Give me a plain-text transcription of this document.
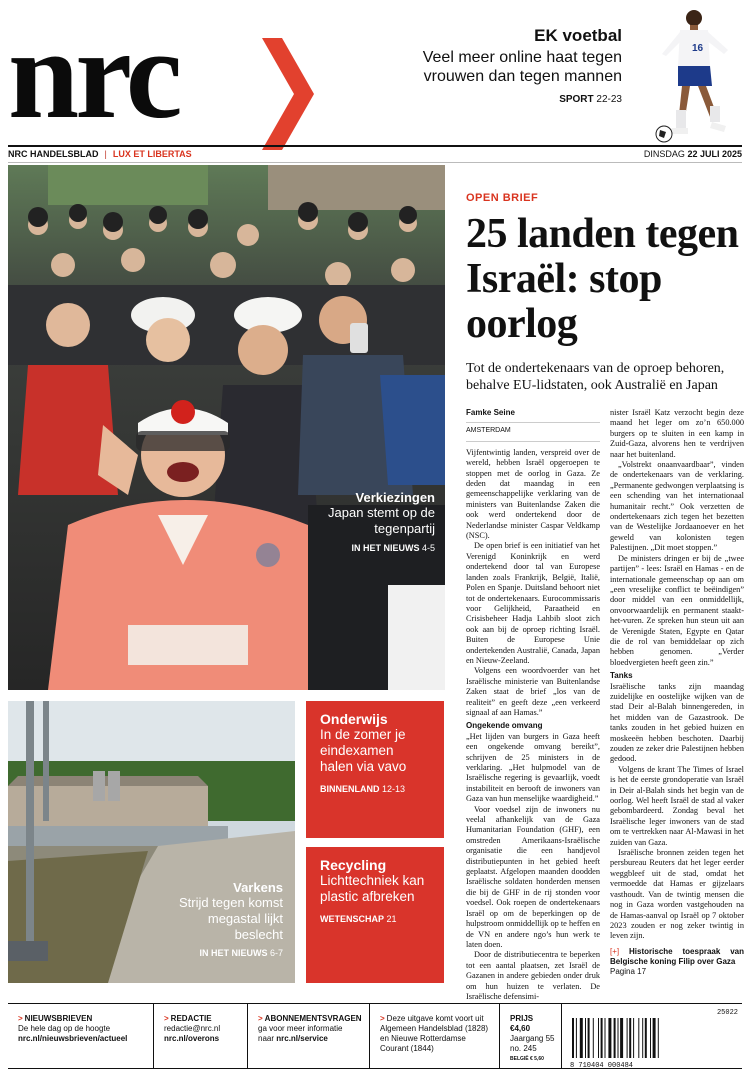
nrc	EK voetbal
Veel meer online haat tegen vrouwen dan tegen mannen
SPORT 22-23
16
NRC HANDELSBLAD | LUX ET LIBERTAS	DINSDAG 22 JULI 2025
Verkiezingen
Japan stemt op de tegenpartij
IN HET NIEUWS 4-5
OPEN BRIEF
25 landen tegen Israël: stop oorlog
Tot de ondertekenaars van de oproep behoren, behalve EU-lidstaten, ook Australië en Japan
Famke Seine
AMSTERDAM

Vijfentwintig landen, verspreid over de wereld, hebben Israël opgeroepen te stoppen met de oorlog in Gaza. Ze deden dat maandag in een gemeenschappelijke verklaring van de ministers van Buitenlandse Zaken die ook werd ondertekend door de Nederlandse minister Caspar Veldkamp (NSC).

De open brief is een initiatief van het Verenigd Koninkrijk en werd ondertekend door tal van Europese landen zoals Frankrijk, België, Italië, Polen en Spanje. Duitsland behoort niet tot de ondertekenaars. Eurocommissaris voor Gelijkheid, Paraatheid en Crisisbeheer Hadja Lahbib sloot zich ook aan bij de oproep richting Israël. Buiten de Europese Unie ondertekenden Australië, Canada, Japan en Nieuw-Zeeland.

Volgens een woordvoerder van het Israëlische ministerie van Buitenlandse Zaken staat de brief „los van de realiteit” en geeft deze „een verkeerd signaal af aan Hamas.”

Ongekende omvang

„Het lijden van burgers in Gaza heeft een ongekende omvang bereikt”, schrijven de 25 ministers in de verklaring. „Het hulpmodel van de Israëlische regering is gevaarlijk, voedt instabiliteit en berooft de inwoners van Gaza van hun menselijke waardigheid.”

Voor voedsel zijn de inwoners nu veelal afhankelijk van de Gaza Humanitarian Foundation (GHF), een omstreden Amerikaans-Israëlische organisatie die een handjevol distributiepunten in het gebied heeft geplaatst. Afgelopen maanden doodden Israëlische soldaten honderden mensen die bij de GHF in de rij stonden voor voedsel. Ook roepen de ondertekenaars Israël op om de beperkingen op de hulpstroom onmiddellijk op te heffen en de VN en andere ngo’s hun werk te laten doen.

Door de distributiecentra te beperken tot een aantal plaatsen, zet Israël de Gazanen in andere gebieden onder druk om hun huizen te verlaten. De Israëlische defensimi-

nister Israël Katz verzocht begin deze maand het leger om zo’n 650.000 burgers op te sluiten in een kamp in Zuid-Gaza, alvorens hen te verdrijven naar het buitenland.

„Volstrekt onaanvaardbaar”, vinden de ondertekenaars van de verklaring. „Permanente gedwongen verplaatsing is een schending van het internationaal humanitair recht.” Ook verzetten de ondertekenaars zich tegen het bezetten van de Westelijke Jordaanoever en het geweld van kolonisten tegen Palestijnen. „Dit moet stoppen.”

De ministers dringen er bij de „twee partijen” - lees: Israël en Hamas - en de internationale gemeenschap op aan om „een vreselijke conflict te beëindigen” door middel van een onmiddellijk, onvoorwaardelijk en permanent staakt-het-vuren. Ze spreken hun steun uit aan de Verenigde Staten, Egypte en Qatar die de rol van bemiddelaar op zich hebben genomen. „Verder bloedvergieten heeft geen zin.”

Tanks

Israëlische tanks zijn maandag zuidelijke en oostelijke wijken van de stad Deir al-Balah binnengereden, in het midden van de Gazastrook. De tanks zouden in het gebied huizen en moskeeën hebben beschoten. Daarbij zouden ze zeker drie Palestijnen hebben gedood.

Volgens de krant The Times of Israel is het de eerste grondoperatie van Israël in Deir al-Balah sinds het begin van de oorlog. Wel heeft Israël de stad al vaker gebombardeerd. Zondag beval het Israëlische leger inwoners van de stad om te vertrekken naar Al-Mawasi in het zuiden van Gaza.

Israëlische bronnen zeiden tegen het persbureau Reuters dat het leger eerder weggbleef uit de stad, omdat het vermoedde dat Hamas er gijzelaars vasthoudt. Van de twintig mensen die nog in Gaza worden vastgehouden na de Hamas-aanval op Israël op 7 oktober 2023 zouden er nog zeker twintig in leven zijn.

[+] Historische toespraak van Belgische koning Filip over Gaza
Pagina 17
Varkens
Strijd tegen komst megastal lijkt beslecht
IN HET NIEUWS 6-7
Onderwijs
In de zomer je eindexamen halen via vavo
BINNENLAND 12-13
Recycling
Lichttechniek kan plastic afbreken
WETENSCHAP 21
> NIEUWSBRIEVEN
De hele dag op de hoogte
nrc.nl/nieuwsbrieven/actueel
> REDACTIE
redactie@nrc.nl
nrc.nl/overons
> ABONNEMENTSVRAGEN
ga voor meer informatie
naar nrc.nl/service
> Deze uitgave komt voort uit Algemeen Handelsblad (1828) en Nieuwe Rotterdamse Courant (1844)
PRIJS €4,60
Jaargang 55
no. 245
BELGIË € 5,60
25022
8 710404 000484
